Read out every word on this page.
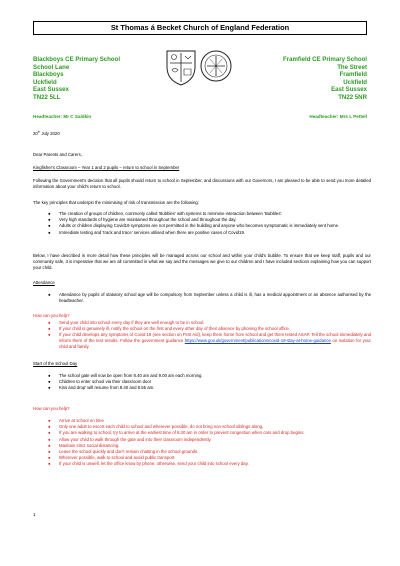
St Thomas á Becket Church of England Federation
Blackboys CE Primary School
School Lane
Blackboys
Uckfield
East Sussex
TN22 5LL
Framfield CE Primary School
The Street
Framfield
Uckfield
East Sussex
TN22 5NR
Headteacher: Mr C Saldkin	Headteacher: Mrs L Pettell
20th July 2020
Dear Parents and Carers,
Kingfisher's Classroom – Year 1 and 2 pupils – return to school in September
Following the Government's decision that all pupils should return to school in September, and discussions with our Governors, I am pleased to be able to send you more detailed information about your child's return to school.
The key principles that underpin the minimising of risk of transmission are the following:
● The creation of groups of children, commonly called 'Bubbles' with systems to minimise interaction between 'Bubbles'.
● Very high standards of hygiene are maintained throughout the school and throughout the day.
● Adults or children displaying Covid19 symptoms are not permitted in the building and anyone who becomes symptomatic is immediately sent home.
● Immediate testing and 'track and trace' services utilised when there are positive cases of Covid19.
Below, I have described in more detail how these principles will be managed across our school and within your child's bubble. To ensure that we keep staff, pupils and our community safe, it is imperative that we are all committed in what we say and the messages we give to our children and I have included sections explaining how you can support your child.
Attendance
● Attendance by pupils of statutory school age will be compulsory from September unless a child is ill, has a medical appointment or an absence authorised by the headteacher.
How can you help?
● Send your child into school every day if they are well enough to be in school.
● If your child is genuinely ill, notify the school on the first and every other day of their absence by phoning the school office.
● If your child develops any symptoms of Covid 19 (see section on First Aid), keep them home from school and get them tested ASAP. Tell the school immediately and inform them of the test results. Follow the government guidance https://www.gov.uk/government/publications/covid-19-stay-at-home-guidance on isolation for your child and family.
Start of the School Day
● The school gate will now be open from 8.40 am and 9.00 am each morning.
● Children to enter school via their classroom door
● Kiss and drop' will resume from 8.40 and 8.55 am.
How can you help?
● Arrive at school on time
● Only one adult to escort each child to school and wherever possible, do not bring non-school siblings along.
● If you are walking to school, try to arrive at the earliest time of 8.40 am in order to prevent congestion when cars and drop begins.
● Allow your child to walk through the gate and into their classroom independently.
● Maintain strict social distancing.
● Leave the school quickly and don't remain chatting in the school grounds.
● Wherever possible, walk to school and avoid public transport.
● If your child is unwell, let the office know by phone; otherwise, send your child into school every day.
1
